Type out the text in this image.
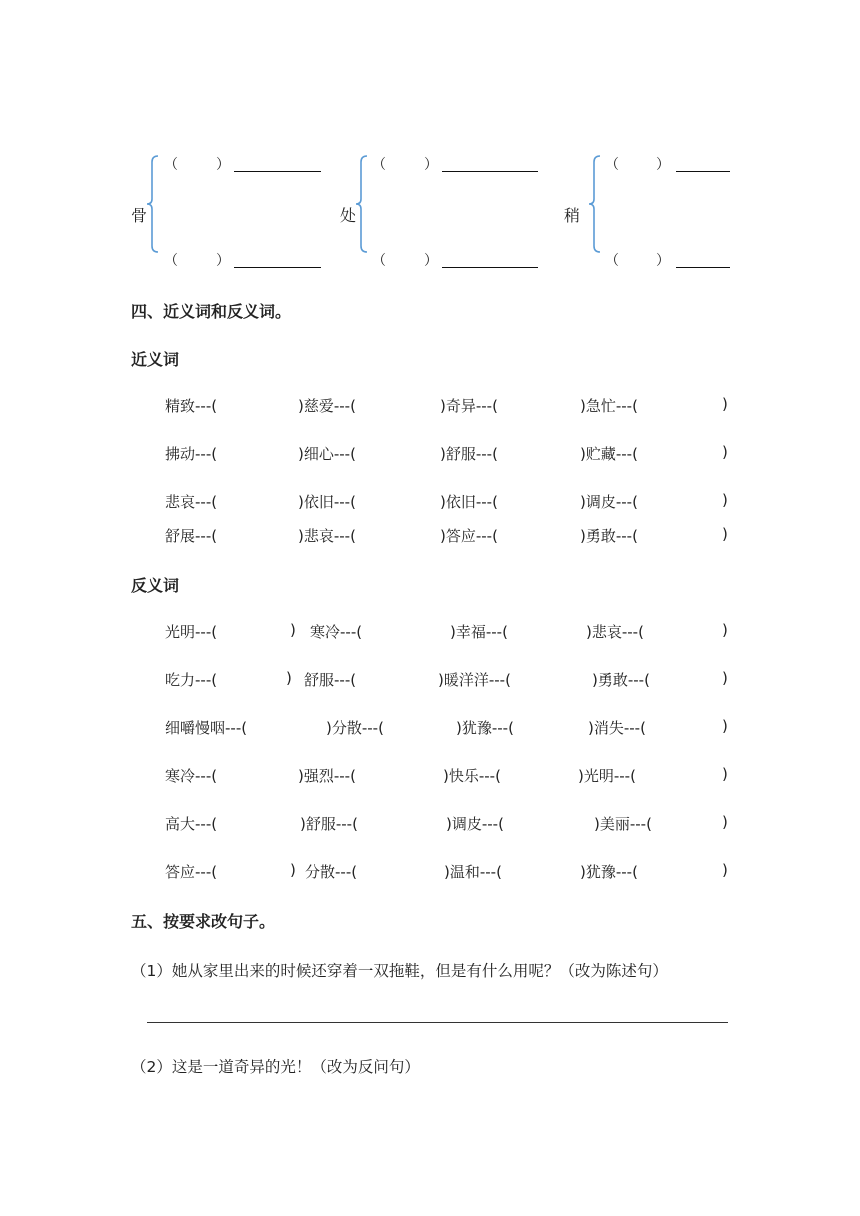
骨
（	）
（	）
处
（	）
（	）
稍
（	）
（	）
四、近义词和反义词。
近义词
精致---(	)慈爱---(	)奇异---(	)急忙---(	)
拂动---(	)细心---(	)舒服---(	)贮藏---(	)
悲哀---(	)依旧---(	)依旧---(	)调皮---(	)
舒展---(	)悲哀---(	)答应---(	)勇敢---(	)
反义词
光明---(	) 寒冷---(	)幸福---(	)悲哀---(	)
吃力---(	) 舒服---(	)暖洋洋---(	)勇敢---(	)
细嚼慢咽---(	)分散---(	)犹豫---(	)消失---(	)
寒冷---(	)强烈---(	)快乐---(	)光明---(	)
高大---(	)舒服---(	)调皮---(	)美丽---(	)
答应---(	) 分散---(	)温和---(	)犹豫---(	)
五、按要求改句子。
（1）她从家里出来的时候还穿着一双拖鞋，但是有什么用呢？（改为陈述句）
（2）这是一道奇异的光！（改为反问句）
